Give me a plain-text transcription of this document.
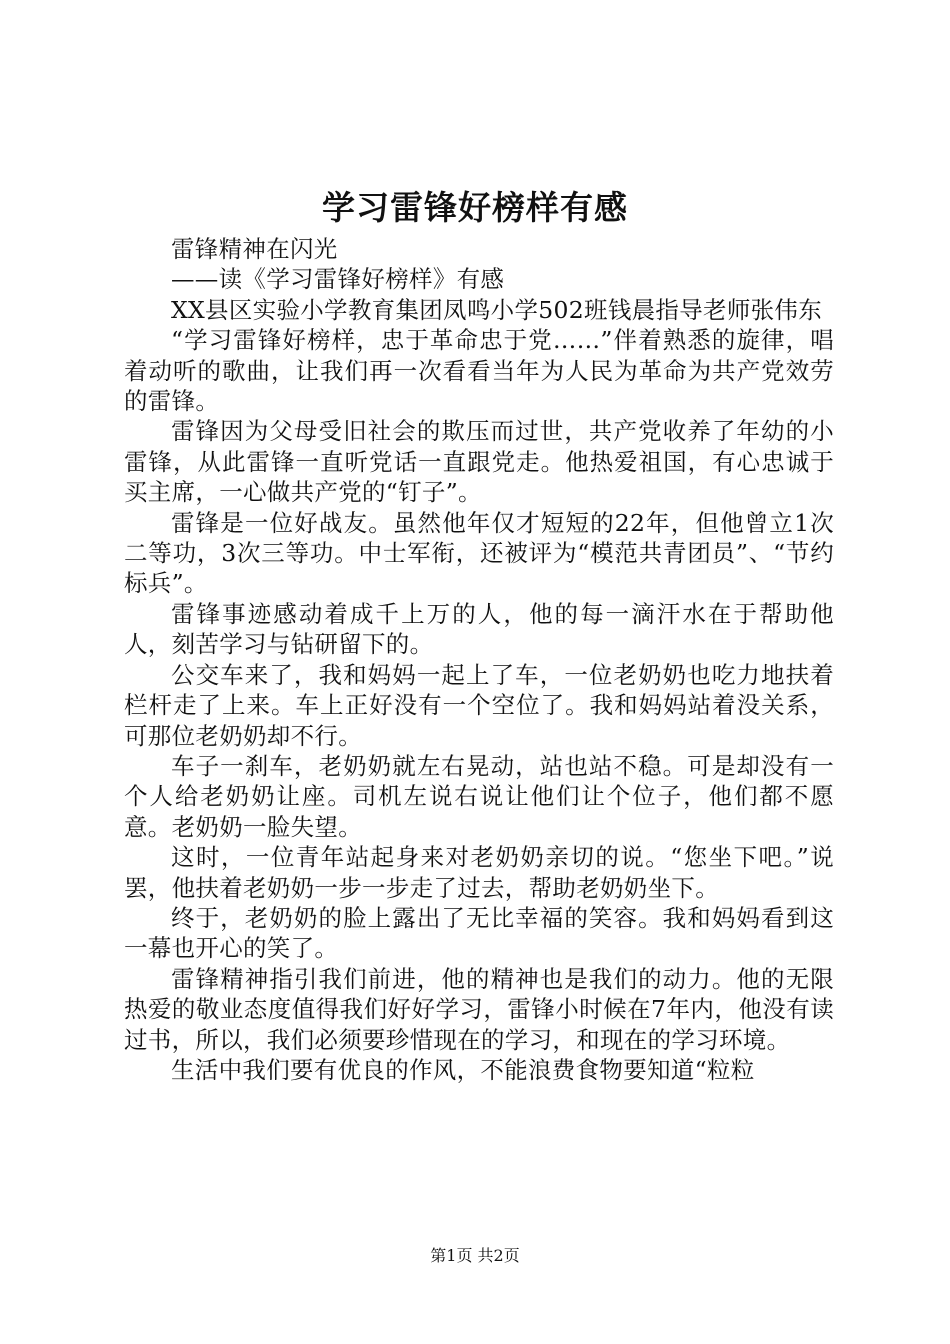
学习雷锋好榜样有感

雷锋精神在闪光

——读《学习雷锋好榜样》有感

XX县区实验小学教育集团凤鸣小学502班钱晨指导老师张伟东

“学习雷锋好榜样，忠于革命忠于党……”伴着熟悉的旋律，唱着动听的歌曲，让我们再一次看看当年为人民为革命为共产党效劳的雷锋。

雷锋因为父母受旧社会的欺压而过世，共产党收养了年幼的小雷锋，从此雷锋一直听党话一直跟党走。他热爱祖国，有心忠诚于买主席，一心做共产党的“钉子”。

雷锋是一位好战友。虽然他年仅才短短的22年，但他曾立1次二等功，3次三等功。中士军衔，还被评为“模范共青团员”、“节约标兵”。

雷锋事迹感动着成千上万的人，他的每一滴汗水在于帮助他人，刻苦学习与钻研留下的。

公交车来了，我和妈妈一起上了车，一位老奶奶也吃力地扶着栏杆走了上来。车上正好没有一个空位了。我和妈妈站着没关系，可那位老奶奶却不行。

车子一刹车，老奶奶就左右晃动，站也站不稳。可是却没有一个人给老奶奶让座。司机左说右说让他们让个位子，他们都不愿意。老奶奶一脸失望。

这时，一位青年站起身来对老奶奶亲切的说。“您坐下吧。”说罢，他扶着老奶奶一步一步走了过去，帮助老奶奶坐下。

终于，老奶奶的脸上露出了无比幸福的笑容。我和妈妈看到这一幕也开心的笑了。

雷锋精神指引我们前进，他的精神也是我们的动力。他的无限热爱的敬业态度值得我们好好学习，雷锋小时候在7年内，他没有读过书，所以，我们必须要珍惜现在的学习，和现在的学习环境。

生活中我们要有优良的作风，不能浪费食物要知道“粒粒

第1页 共2页
